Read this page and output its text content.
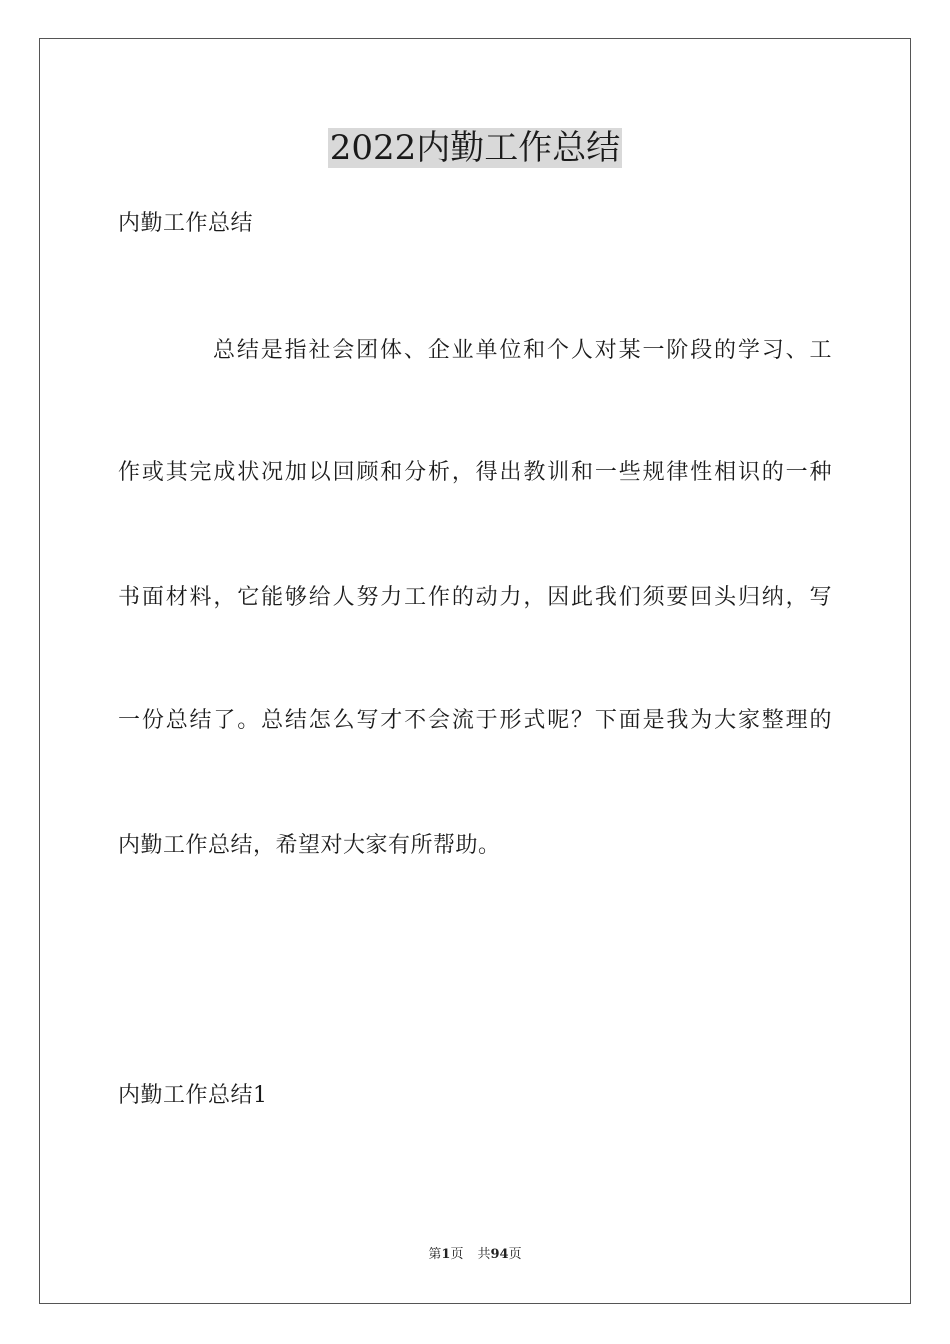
2022内勤工作总结

内勤工作总结

总结是指社会团体、企业单位和个人对某一阶段的学习、工

作或其完成状况加以回顾和分析，得出教训和一些规律性相识的一种

书面材料，它能够给人努力工作的动力，因此我们须要回头归纳，写

一份总结了。总结怎么写才不会流于形式呢？下面是我为大家整理的

内勤工作总结，希望对大家有所帮助。

内勤工作总结1

第1页 共94页
